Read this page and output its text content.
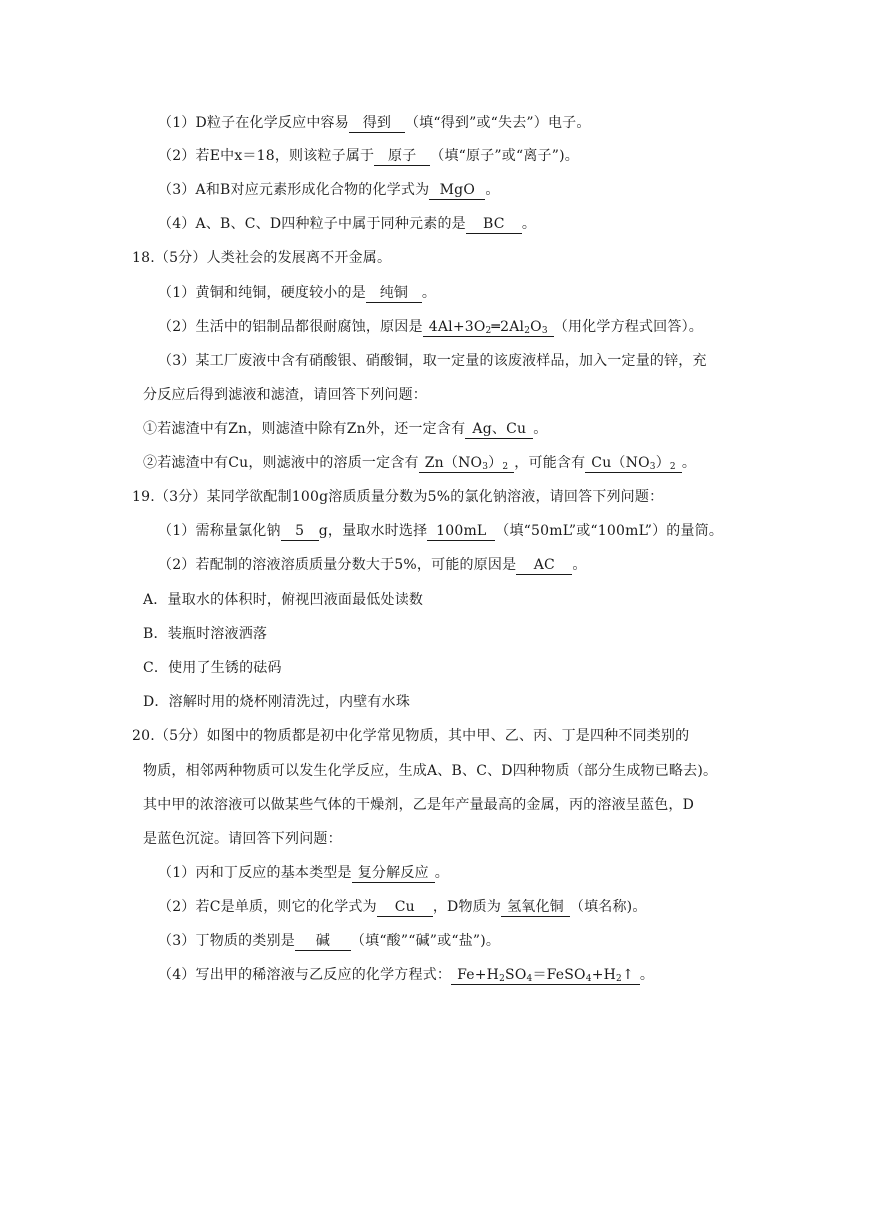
（1）D粒子在化学反应中容易 得到 （填“得到”或“失去”）电子。
（2）若E中x＝18，则该粒子属于 原子 （填“原子”或“离子”)。
（3）A和B对应元素形成化合物的化学式为 MgO 。
（4）A、B、C、D四种粒子中属于同种元素的是 BC 。
18.（5分）人类社会的发展离不开金属。
（1）黄铜和纯铜，硬度较小的是 纯铜 。
（2）生活中的铝制品都很耐腐蚀，原因是 $4Al+3O_2═2Al_2O_3$ （用化学方程式回答）。
（3）某工厂废液中含有硝酸银、硝酸铜，取一定量的该废液样品，加入一定量的锌，充
分反应后得到滤液和滤渣，请回答下列问题：
①若滤渣中有Zn，则滤渣中除有Zn外，还一定含有 Ag、Cu 。
②若滤渣中有Cu，则滤液中的溶质一定含有 $Zn(NO_3)_2$ ，可能含有 $Cu(NO_3)_2$ 。
19.（3分）某同学欲配制100g溶质质量分数为5%的氯化钠溶液，请回答下列问题：
（1）需称量氯化钠 5 g，量取水时选择 100mL （填“50mL”或“100mL”）的量筒。
（2）若配制的溶液溶质质量分数大于5%，可能的原因是 AC 。
A．量取水的体积时，俯视凹液面最低处读数
B．装瓶时溶液洒落
C．使用了生锈的砝码
D．溶解时用的烧杯刚清洗过，内壁有水珠
20.（5分）如图中的物质都是初中化学常见物质，其中甲、乙、丙、丁是四种不同类别的
物质，相邻两种物质可以发生化学反应，生成A、B、C、D四种物质（部分生成物已略去)。
其中甲的浓溶液可以做某些气体的干燥剂，乙是年产量最高的金属，丙的溶液呈蓝色，D
是蓝色沉淀。请回答下列问题：
（1）丙和丁反应的基本类型是 复分解反应 。
（2）若C是单质，则它的化学式为 Cu ，D物质为 氢氧化铜 （填名称)。
（3）丁物质的类别是 碱 （填“酸”“碱”或“盐”)。
（4）写出甲的稀溶液与乙反应的化学方程式： $Fe+H_2SO_4=FeSO_4+H_2↑$ 。
